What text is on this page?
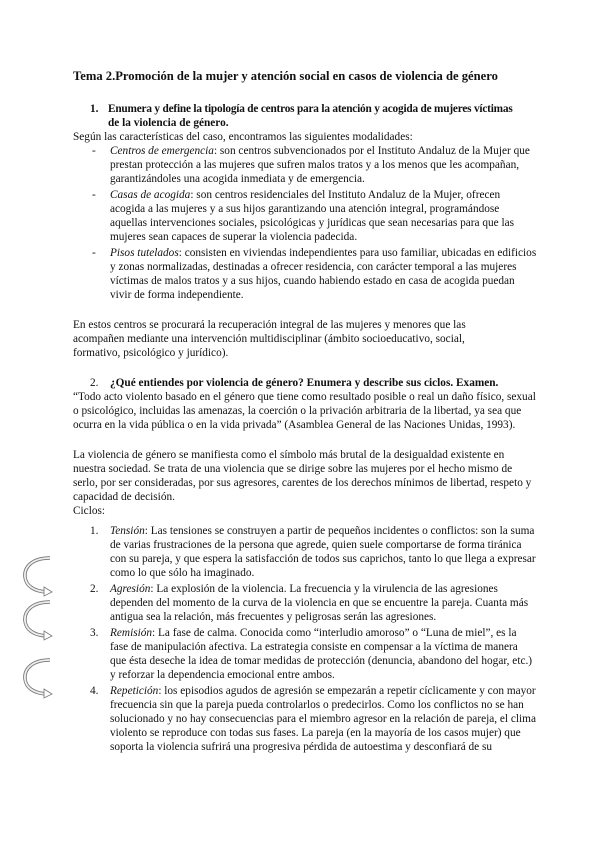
Tema 2.Promoción de la mujer y atención social en casos de violencia de género
1. Enumera y define la tipología de centros para la atención y acogida de mujeres víctimas
de la violencia de género.
Según las características del caso, encontramos las siguientes modalidades:
- Centros de emergencia: son centros subvencionados por el Instituto Andaluz de la Mujer que
prestan protección a las mujeres que sufren malos tratos y a los menos que les acompañan,
garantizándoles una acogida inmediata y de emergencia.
- Casas de acogida: son centros residenciales del Instituto Andaluz de la Mujer, ofrecen
acogida a las mujeres y a sus hijos garantizando una atención integral, programándose
aquellas intervenciones sociales, psicológicas y jurídicas que sean necesarias para que las
mujeres sean capaces de superar la violencia padecida.
- Pisos tutelados: consisten en viviendas independientes para uso familiar, ubicadas en edificios
y zonas normalizadas, destinadas a ofrecer residencia, con carácter temporal a las mujeres
víctimas de malos tratos y a sus hijos, cuando habiendo estado en casa de acogida puedan
vivir de forma independiente.
En estos centros se procurará la recuperación integral de las mujeres y menores que las
acompañen mediante una intervención multidisciplinar (ámbito socioeducativo, social,
formativo, psicológico y jurídico).
2. ¿Qué entiendes por violencia de género? Enumera y describe sus ciclos. Examen.
“Todo acto violento basado en el género que tiene como resultado posible o real un daño físico, sexual
o psicológico, incluidas las amenazas, la coerción o la privación arbitraria de la libertad, ya sea que
ocurra en la vida pública o en la vida privada” (Asamblea General de las Naciones Unidas, 1993).
La violencia de género se manifiesta como el símbolo más brutal de la desigualdad existente en
nuestra sociedad. Se trata de una violencia que se dirige sobre las mujeres por el hecho mismo de
serlo, por ser consideradas, por sus agresores, carentes de los derechos mínimos de libertad, respeto y
capacidad de decisión.
Ciclos:
1. Tensión: Las tensiones se construyen a partir de pequeños incidentes o conflictos: son la suma
de varias frustraciones de la persona que agrede, quien suele comportarse de forma tiránica
con su pareja, y que espera la satisfacción de todos sus caprichos, tanto lo que llega a expresar
como lo que sólo ha imaginado.
2. Agresión: La explosión de la violencia. La frecuencia y la virulencia de las agresiones
dependen del momento de la curva de la violencia en que se encuentre la pareja. Cuanta más
antigua sea la relación, más frecuentes y peligrosas serán las agresiones.
3. Remisión: La fase de calma. Conocida como “interludio amoroso” o “Luna de miel”, es la
fase de manipulación afectiva. La estrategia consiste en compensar a la víctima de manera
que ésta deseche la idea de tomar medidas de protección (denuncia, abandono del hogar, etc.)
y reforzar la dependencia emocional entre ambos.
4. Repetición: los episodios agudos de agresión se empezarán a repetir cíclicamente y con mayor
frecuencia sin que la pareja pueda controlarlos o predecirlos. Como los conflictos no se han
solucionado y no hay consecuencias para el miembro agresor en la relación de pareja, el clima
violento se reproduce con todas sus fases. La pareja (en la mayoría de los casos mujer) que
soporta la violencia sufrirá una progresiva pérdida de autoestima y desconfiará de su
